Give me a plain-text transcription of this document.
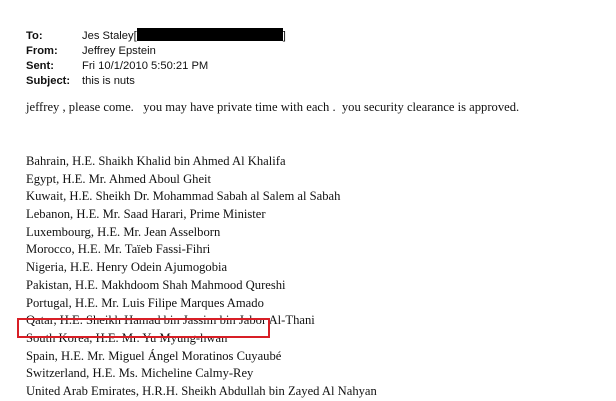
To:	Jes Staley[	]
From:	Jeffrey Epstein
Sent:	Fri 10/1/2010 5:50:21 PM
Subject:	this is nuts
jeffrey , please come.   you may have private time with each .  you security clearance is approved.
Bahrain, H.E. Shaikh Khalid bin Ahmed Al Khalifa
Egypt, H.E. Mr. Ahmed Aboul Gheit
Kuwait, H.E. Sheikh Dr. Mohammad Sabah al Salem al Sabah
Lebanon, H.E. Mr. Saad Harari, Prime Minister
Luxembourg, H.E. Mr. Jean Asselborn
Morocco, H.E. Mr. Taïeb Fassi-Fihri
Nigeria, H.E. Henry Odein Ajumogobia
Pakistan, H.E. Makhdoom Shah Mahmood Qureshi
Portugal, H.E. Mr. Luis Filipe Marques Amado
Qatar, H.E. Sheikh Hamad bin Jassim bin Jabor Al-Thani
South Korea, H.E. Mr. Yu Myung-hwan
Spain, H.E. Mr. Miguel Ángel Moratinos Cuyaubé
Switzerland, H.E. Ms. Micheline Calmy-Rey
United Arab Emirates, H.R.H. Sheikh Abdullah bin Zayed Al Nahyan
